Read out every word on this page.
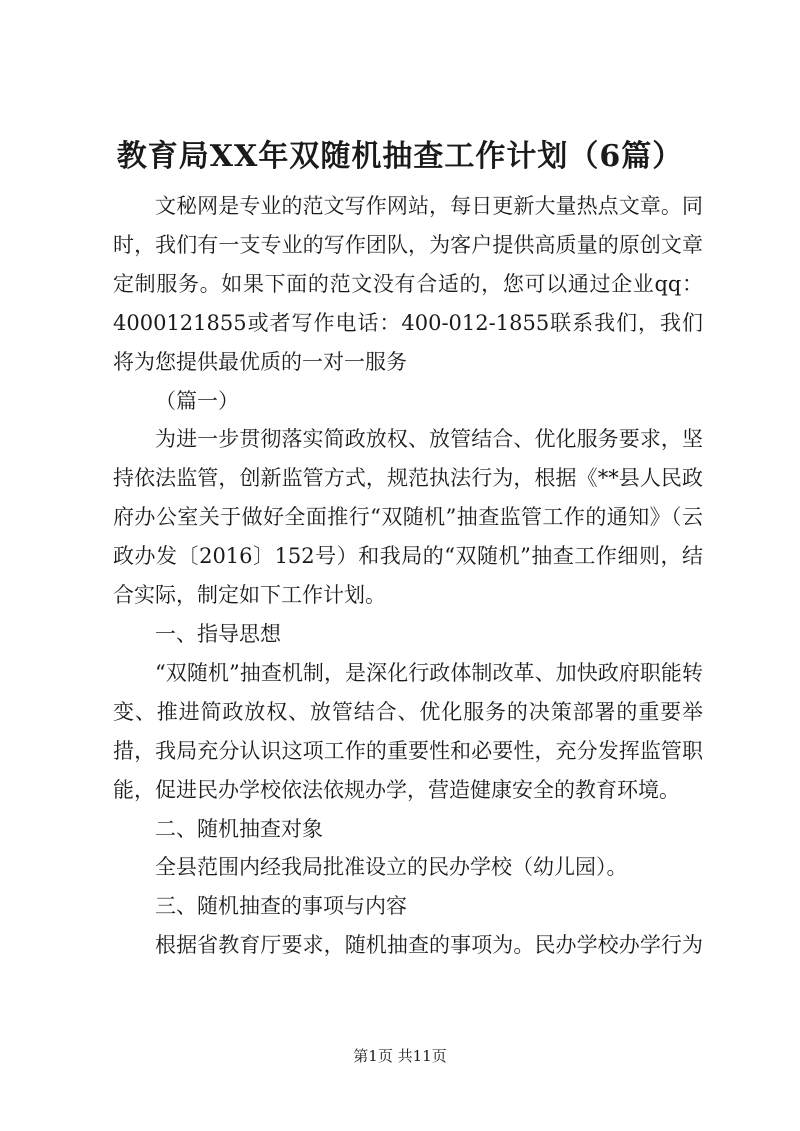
教育局XX年双随机抽查工作计划（6篇）

文秘网是专业的范文写作网站，每日更新大量热点文章。同时，我们有一支专业的写作团队，为客户提供高质量的原创文章定制服务。如果下面的范文没有合适的，您可以通过企业qq：4000121855或者写作电话：400-012-1855联系我们，我们将为您提供最优质的一对一服务

（篇一）

为进一步贯彻落实简政放权、放管结合、优化服务要求，坚持依法监管，创新监管方式，规范执法行为，根据《**县人民政府办公室关于做好全面推行“双随机”抽查监管工作的通知》（云政办发〔2016〕152号）和我局的“双随机”抽查工作细则，结合实际，制定如下工作计划。

一、指导思想

“双随机”抽查机制，是深化行政体制改革、加快政府职能转变、推进简政放权、放管结合、优化服务的决策部署的重要举措，我局充分认识这项工作的重要性和必要性，充分发挥监管职能，促进民办学校依法依规办学，营造健康安全的教育环境。

二、随机抽查对象

全县范围内经我局批准设立的民办学校（幼儿园）。

三、随机抽查的事项与内容

根据省教育厅要求，随机抽查的事项为。民办学校办学行为

第1页 共11页
